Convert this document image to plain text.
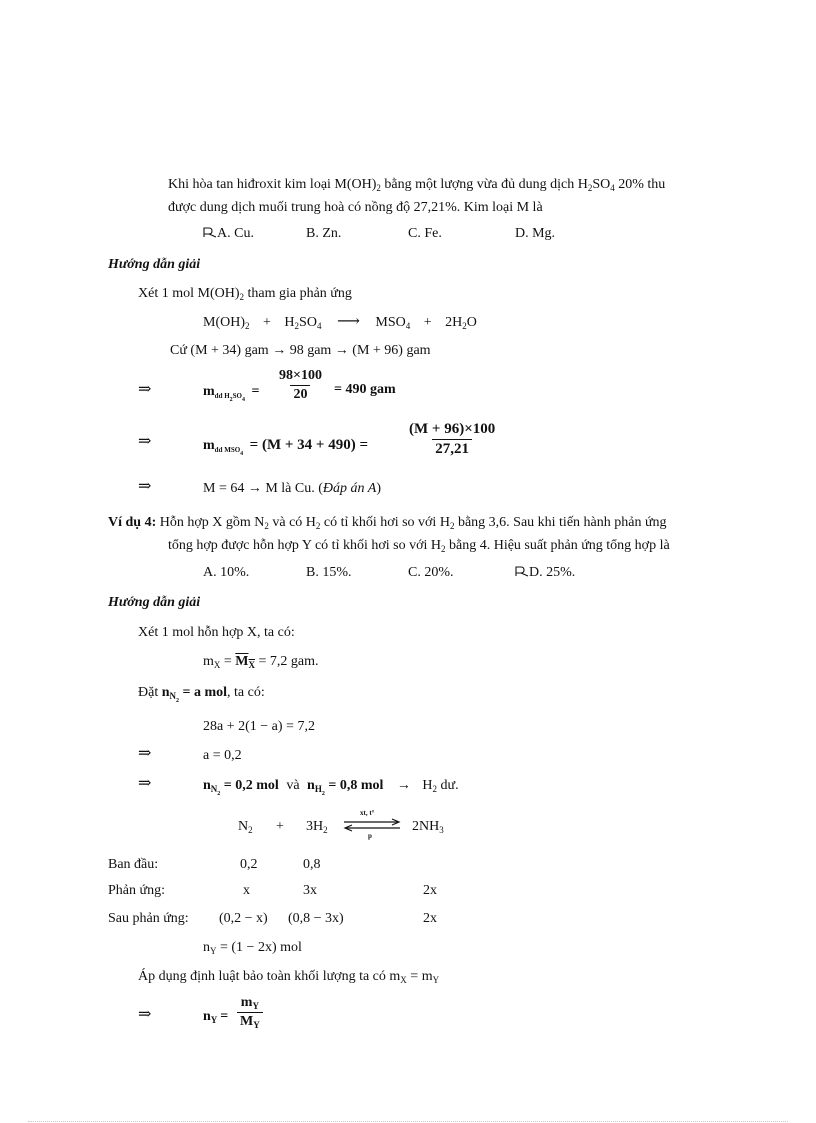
Khi hòa tan hiđroxit kim loại $M(OH)_2$ bằng một lượng vừa đủ dung dịch $H_2SO_4$ 20% thu
được dung dịch muối trung hoà có nồng độ 27,21%. Kim loại M là
A. Cu.	B. Zn.	C. Fe.	D. Mg.
Hướng dẫn giải
Xét 1 mol $M(OH)_2$ tham gia phản ứng
$M(OH)_2 + H_2SO_4$ ⟶ $MSO_4 + 2H_2O$
Cứ (M + 34) gam → 98 gam → (M + 96) gam
⇒	$m_{dd H_2SO_4} = \frac{98\times 100}{20} = 490$ gam
⇒	$m_{dd MSO_4} = (M + 34 + 490)$ =	$\frac{(M + 96)\times 100}{27,21}$
⇒	M = 64 → M là Cu. (Đáp án A)
Ví dụ 4: Hỗn hợp X gồm $N_2$ và có $H_2$ có tỉ khối hơi so với $H_2$ bằng 3,6. Sau khi tiến hành phản ứng
tổng hợp được hỗn hợp Y có tỉ khối hơi so với $H_2$ bằng 4. Hiệu suất phản ứng tổng hợp là
A. 10%.	B. 15%.	C. 20%.	D. 25%.
Hướng dẫn giải
Xét 1 mol hỗn hợp X, ta có:
$m_X = M_X = 7,2$ gam.
Đặt $n_{N_2} = a$ mol, ta có:
28a + 2(1 − a) = 7,2
⇒	a = 0,2
⇒	$n_{N_2} = 0,2$ mol và $n_{H_2} = 0,8$ mol → $H_2$ dư.
$N_2 + 3H_2$
xt, t°
p
$2NH_3$
Ban đầu:	0,2	0,8
Phản ứng:	x	3x	2x
Sau phản ứng: (0,2 − x) (0,8 − 3x)	2x
$n_Y = (1 - 2x)$ mol
Áp dụng định luật bảo toàn khối lượng ta có $m_X = m_Y$
⇒	$n_Y = \frac{m_Y}{M_Y}$
